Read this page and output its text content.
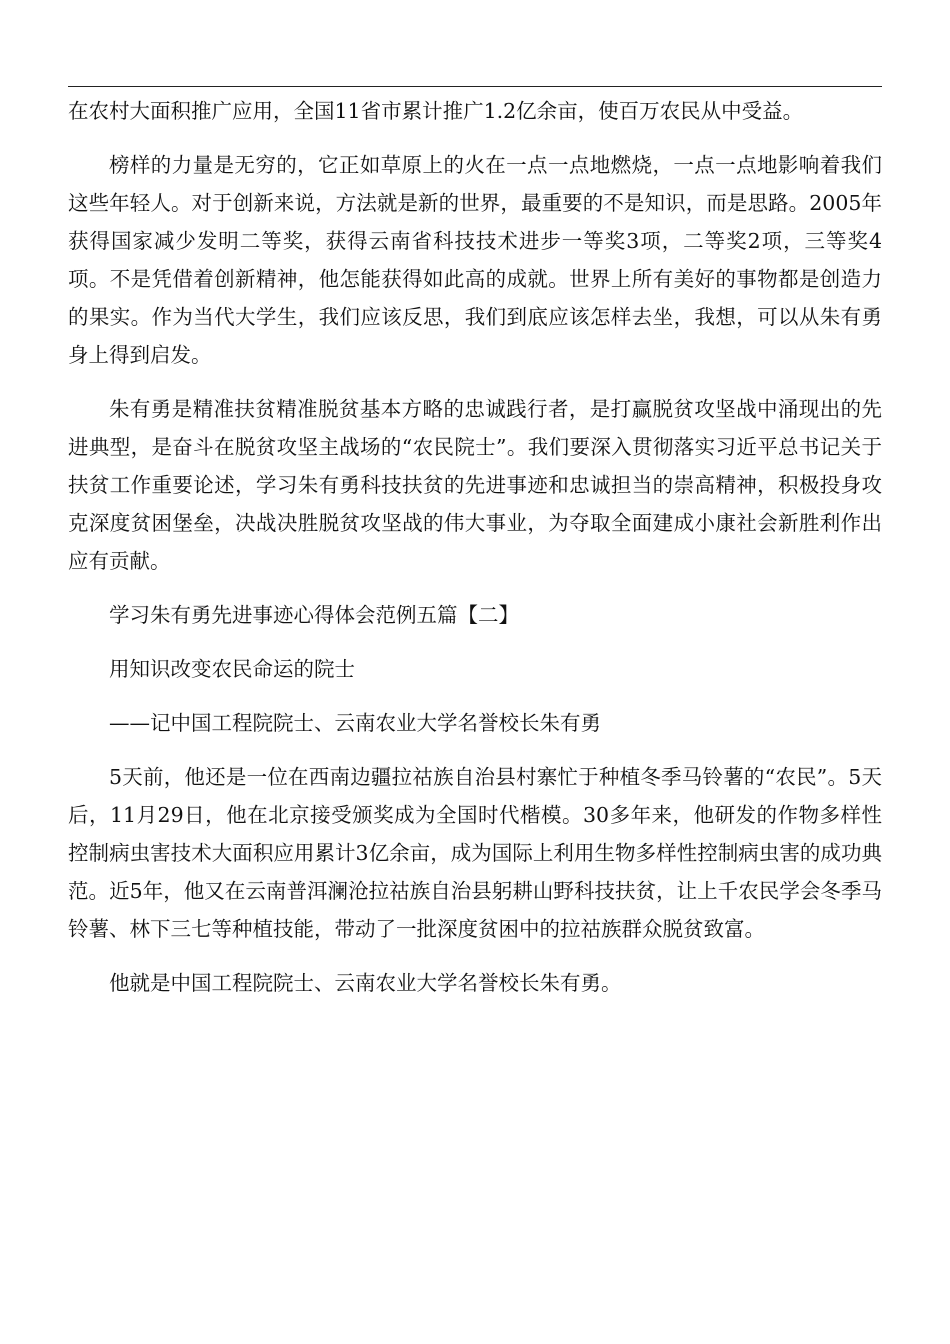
在农村大面积推广应用，全国11省市累计推广1.2亿余亩，使百万农民从中受益。

榜样的力量是无穷的，它正如草原上的火在一点一点地燃烧，一点一点地影响着我们这些年轻人。对于创新来说，方法就是新的世界，最重要的不是知识，而是思路。2005年获得国家减少发明二等奖，获得云南省科技技术进步一等奖3项，二等奖2项，三等奖4项。不是凭借着创新精神，他怎能获得如此高的成就。世界上所有美好的事物都是创造力的果实。作为当代大学生，我们应该反思，我们到底应该怎样去坐，我想，可以从朱有勇身上得到启发。

朱有勇是精准扶贫精准脱贫基本方略的忠诚践行者，是打赢脱贫攻坚战中涌现出的先进典型，是奋斗在脱贫攻坚主战场的“农民院士”。我们要深入贯彻落实习近平总书记关于扶贫工作重要论述，学习朱有勇科技扶贫的先进事迹和忠诚担当的崇高精神，积极投身攻克深度贫困堡垒，决战决胜脱贫攻坚战的伟大事业，为夺取全面建成小康社会新胜利作出应有贡献。

学习朱有勇先进事迹心得体会范例五篇【二】

用知识改变农民命运的院士

——记中国工程院院士、云南农业大学名誉校长朱有勇

5天前，他还是一位在西南边疆拉祜族自治县村寨忙于种植冬季马铃薯的“农民”。5天后，11月29日，他在北京接受颁奖成为全国时代楷模。30多年来，他研发的作物多样性控制病虫害技术大面积应用累计3亿余亩，成为国际上利用生物多样性控制病虫害的成功典范。近5年，他又在云南普洱澜沧拉祜族自治县躬耕山野科技扶贫，让上千农民学会冬季马铃薯、林下三七等种植技能，带动了一批深度贫困中的拉祜族群众脱贫致富。

他就是中国工程院院士、云南农业大学名誉校长朱有勇。
